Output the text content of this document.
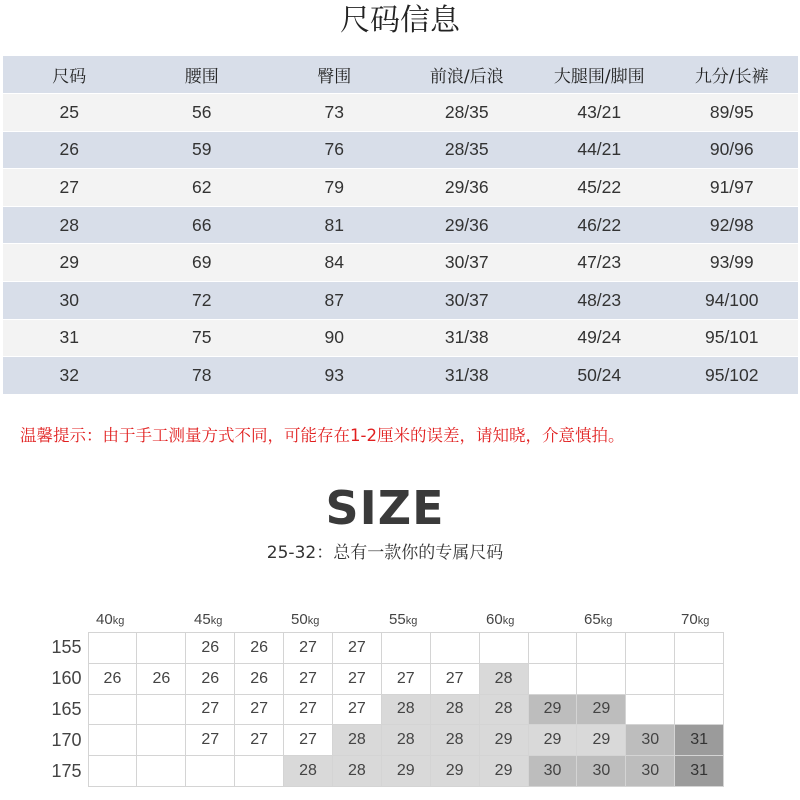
尺码信息
尺码	腰围	臀围	前浪/后浪	大腿围/脚围	九分/长裤
25	56	73	28/35	43/21	89/95
26	59	76	28/35	44/21	90/96
27	62	79	29/36	45/22	91/97
28	66	81	29/36	46/22	92/98
29	69	84	30/37	47/23	93/99
30	72	87	30/37	48/23	94/100
31	75	90	31/38	49/24	95/101
32	78	93	31/38	50/24	95/102
温馨提示：由于手工测量方式不同，可能存在1-2厘米的误差，请知晓，介意慎拍。
SIZE
25-32：总有一款你的专属尺码
40kg	45kg	50kg	55kg	60kg	65kg	70kg
155			26	26	27	27							
160	26	26	26	26	27	27	27	27	28				
165			27	27	27	27	28	28	28	29	29		
170			27	27	27	28	28	28	29	29	29	30	31
175					28	28	29	29	29	30	30	30	31
